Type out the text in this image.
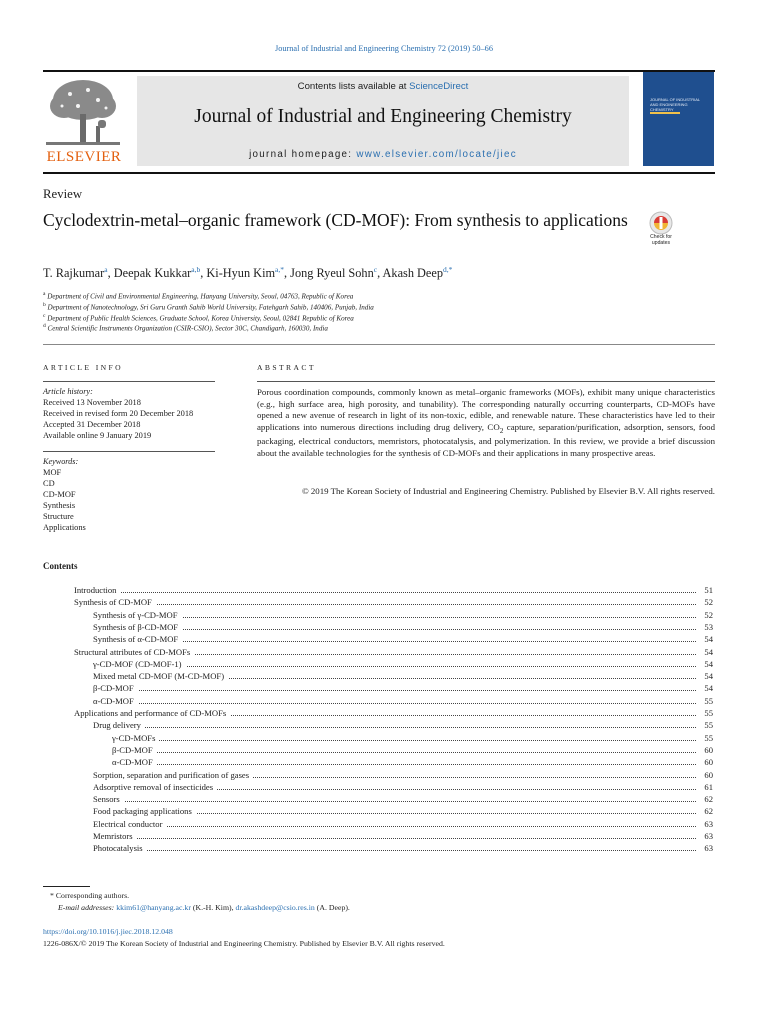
Journal of Industrial and Engineering Chemistry 72 (2019) 50–66
ELSEVIER
Contents lists available at ScienceDirect
Journal of Industrial and Engineering Chemistry
journal homepage: www.elsevier.com/locate/jiec
JOURNAL OF INDUSTRIAL AND ENGINEERING CHEMISTRY
Review
Cyclodextrin-metal–organic framework (CD-MOF): From synthesis to applications
Check for updates
T. Rajkumar$^a$, Deepak Kukkar$^{a,b}$, Ki-Hyun Kim$^{a,*}$, Jong Ryeul Sohn$^c$, Akash Deep$^{d,*}$
$^a$ Department of Civil and Environmental Engineering, Hanyang University, Seoul, 04763, Republic of Korea
$^b$ Department of Nanotechnology, Sri Guru Granth Sahib World University, Fatehgarh Sahib, 140406, Punjab, India
$^c$ Department of Public Health Sciences, Graduate School, Korea University, Seoul, 02841 Republic of Korea
$^d$ Central Scientific Instruments Organization (CSIR-CSIO), Sector 30C, Chandigarh, 160030, India
ARTICLE INFO
Article history:
Received 13 November 2018
Received in revised form 20 December 2018
Accepted 31 December 2018
Available online 9 January 2019
Keywords:
MOF
CD
CD-MOF
Synthesis
Structure
Applications
ABSTRACT
Porous coordination compounds, commonly known as metal–organic frameworks (MOFs), exhibit many unique characteristics (e.g., high surface area, high porosity, and tunability). The corresponding naturally occurring counterparts, CD-MOFs have opened a new avenue of research in light of its non-toxic, edible, and renewable nature. These characteristics have led to their applications into numerous directions including drug delivery, $CO_2$ capture, separation/purification, adsorption, sensors, food packaging, electrical conductors, memristors, photocatalysis, and polymerization. In this review, we provide a brief discussion about the available technologies for the synthesis of CD-MOFs and their applications in many prospective areas.
© 2019 The Korean Society of Industrial and Engineering Chemistry. Published by Elsevier B.V. All rights reserved.
Contents
Introduction	51
Synthesis of CD-MOF	52
Synthesis of γ-CD-MOF	52
Synthesis of β-CD-MOF	53
Synthesis of α-CD-MOF	54
Structural attributes of CD-MOFs	54
γ-CD-MOF (CD-MOF-1)	54
Mixed metal CD-MOF (M-CD-MOF)	54
β-CD-MOF	54
α-CD-MOF	55
Applications and performance of CD-MOFs	55
Drug delivery	55
γ-CD-MOFs	55
β-CD-MOF	60
α-CD-MOF	60
Sorption, separation and purification of gases	60
Adsorptive removal of insecticides	61
Sensors	62
Food packaging applications	62
Electrical conductor	63
Memristors	63
Photocatalysis	63
* Corresponding authors.
E-mail addresses: kkim61@hanyang.ac.kr (K.-H. Kim), dr.akashdeep@csio.res.in (A. Deep).
https://doi.org/10.1016/j.jiec.2018.12.048
1226-086X/© 2019 The Korean Society of Industrial and Engineering Chemistry. Published by Elsevier B.V. All rights reserved.
